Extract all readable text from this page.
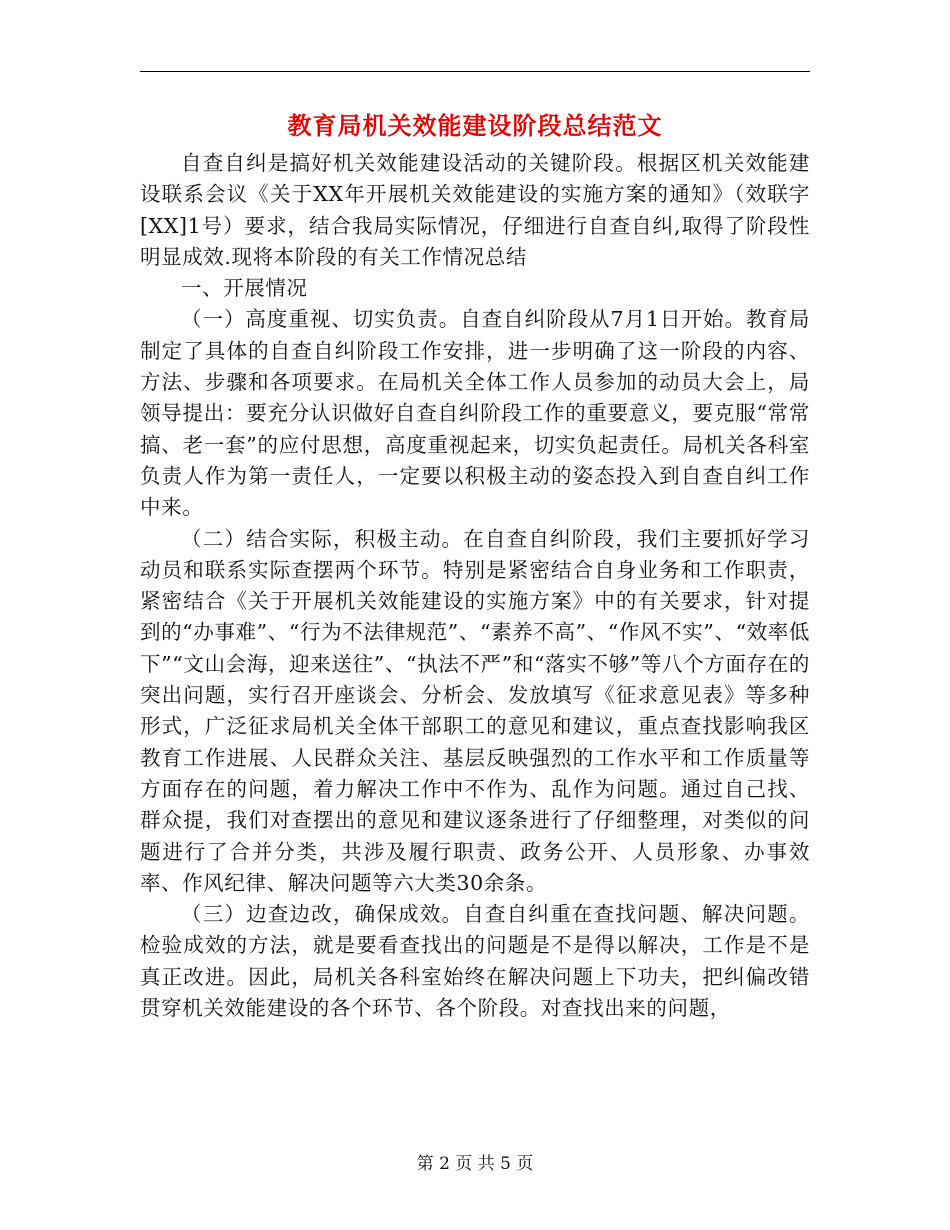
教育局机关效能建设阶段总结范文

自查自纠是搞好机关效能建设活动的关键阶段。根据区机关效能建设联系会议《关于XX年开展机关效能建设的实施方案的通知》（效联字[XX]1号）要求，结合我局实际情况，仔细进行自查自纠,取得了阶段性明显成效.现将本阶段的有关工作情况总结

一、开展情况

（一）高度重视、切实负责。自查自纠阶段从7月1日开始。教育局制定了具体的自查自纠阶段工作安排，进一步明确了这一阶段的内容、方法、步骤和各项要求。在局机关全体工作人员参加的动员大会上，局领导提出：要充分认识做好自查自纠阶段工作的重要意义，要克服“常常搞、老一套”的应付思想，高度重视起来，切实负起责任。局机关各科室负责人作为第一责任人，一定要以积极主动的姿态投入到自查自纠工作中来。

（二）结合实际，积极主动。在自查自纠阶段，我们主要抓好学习动员和联系实际查摆两个环节。特别是紧密结合自身业务和工作职责，紧密结合《关于开展机关效能建设的实施方案》中的有关要求，针对提到的“办事难”、“行为不法律规范”、“素养不高”、“作风不实”、“效率低下”“文山会海，迎来送往”、“执法不严”和“落实不够”等八个方面存在的突出问题，实行召开座谈会、分析会、发放填写《征求意见表》等多种形式，广泛征求局机关全体干部职工的意见和建议，重点查找影响我区教育工作进展、人民群众关注、基层反映强烈的工作水平和工作质量等方面存在的问题，着力解决工作中不作为、乱作为问题。通过自己找、群众提，我们对查摆出的意见和建议逐条进行了仔细整理，对类似的问题进行了合并分类，共涉及履行职责、政务公开、人员形象、办事效率、作风纪律、解决问题等六大类30余条。

（三）边查边改，确保成效。自查自纠重在查找问题、解决问题。检验成效的方法，就是要看查找出的问题是不是得以解决，工作是不是真正改进。因此，局机关各科室始终在解决问题上下功夫，把纠偏改错贯穿机关效能建设的各个环节、各个阶段。对查找出来的问题，

第 2 页 共 5 页
